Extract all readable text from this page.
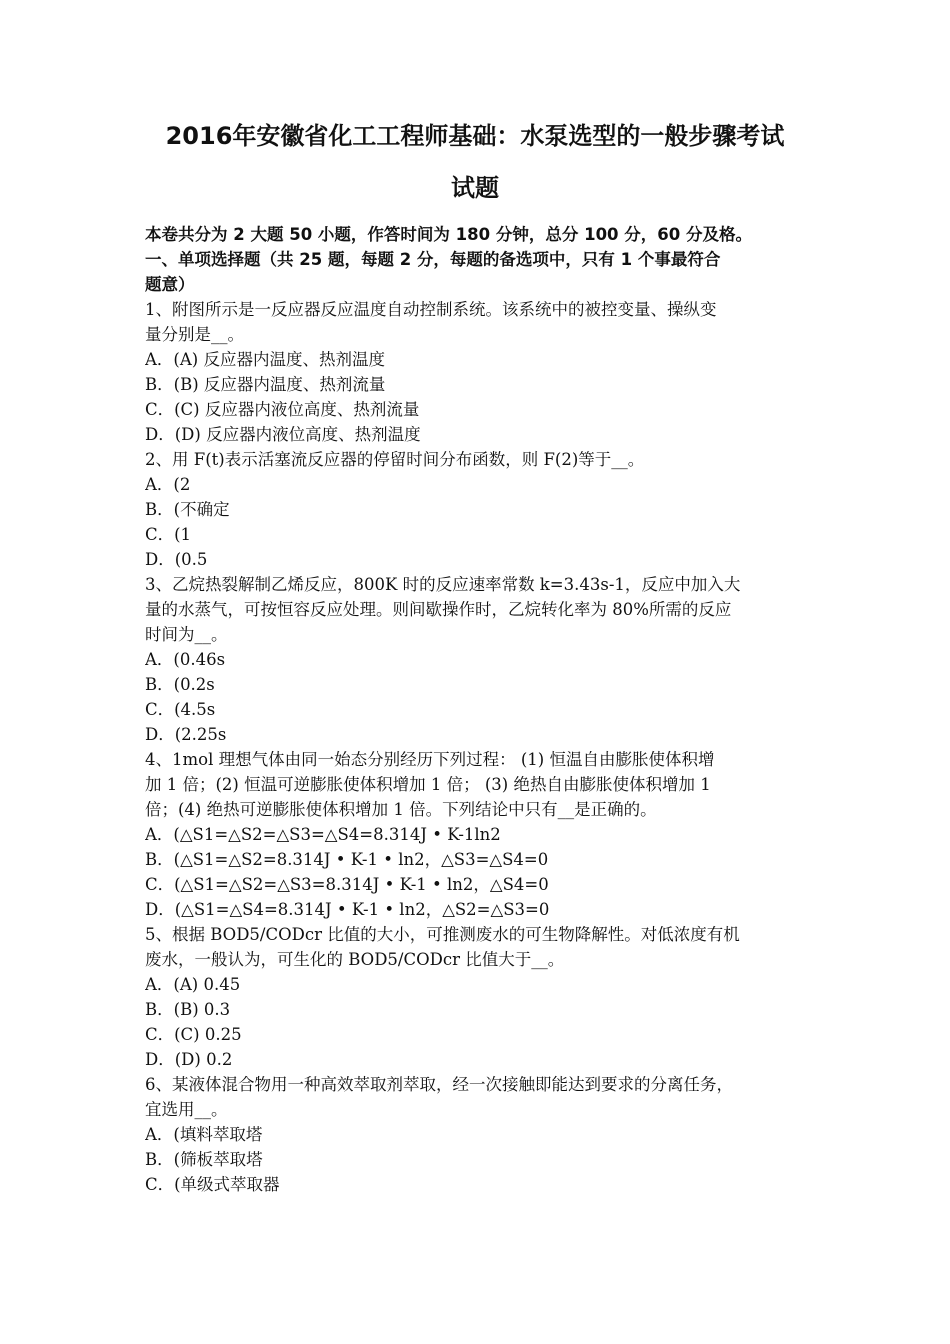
2016年安徽省化工工程师基础：水泵选型的一般步骤考试
试题
本卷共分为 2 大题 50 小题，作答时间为 180 分钟，总分 100 分，60 分及格。
一、单项选择题（共 25 题，每题 2 分，每题的备选项中，只有 1 个事最符合
题意）
1、附图所示是一反应器反应温度自动控制系统。该系统中的被控变量、操纵变
量分别是__。
A．(A) 反应器内温度、热剂温度
B．(B) 反应器内温度、热剂流量
C．(C) 反应器内液位高度、热剂流量
D．(D) 反应器内液位高度、热剂温度
2、用 F(t)表示活塞流反应器的停留时间分布函数，则 F(2)等于__。
A．(2
B．(不确定
C．(1
D．(0.5
3、乙烷热裂解制乙烯反应，800K 时的反应速率常数 k=3.43s-1，反应中加入大
量的水蒸气，可按恒容反应处理。则间歇操作时，乙烷转化率为 80%所需的反应
时间为__。
A．(0.46s
B．(0.2s
C．(4.5s
D．(2.25s
4、1mol 理想气体由同一始态分别经历下列过程： (1) 恒温自由膨胀使体积增
加 1 倍；(2) 恒温可逆膨胀使体积增加 1 倍； (3) 绝热自由膨胀使体积增加 1
倍；(4) 绝热可逆膨胀使体积增加 1 倍。下列结论中只有__是正确的。
A．(△S1=△S2=△S3=△S4=8.314J • K-1ln2
B．(△S1=△S2=8.314J • K-1 • ln2，△S3=△S4=0
C．(△S1=△S2=△S3=8.314J • K-1 • ln2，△S4=0
D．(△S1=△S4=8.314J • K-1 • ln2，△S2=△S3=0
5、根据 BOD5/CODcr 比值的大小，可推测废水的可生物降解性。对低浓度有机
废水，一般认为，可生化的 BOD5/CODcr 比值大于__。
A．(A) 0.45
B．(B) 0.3
C．(C) 0.25
D．(D) 0.2
6、某液体混合物用一种高效萃取剂萃取，经一次接触即能达到要求的分离任务，
宜选用__。
A．(填料萃取塔
B．(筛板萃取塔
C．(单级式萃取器
